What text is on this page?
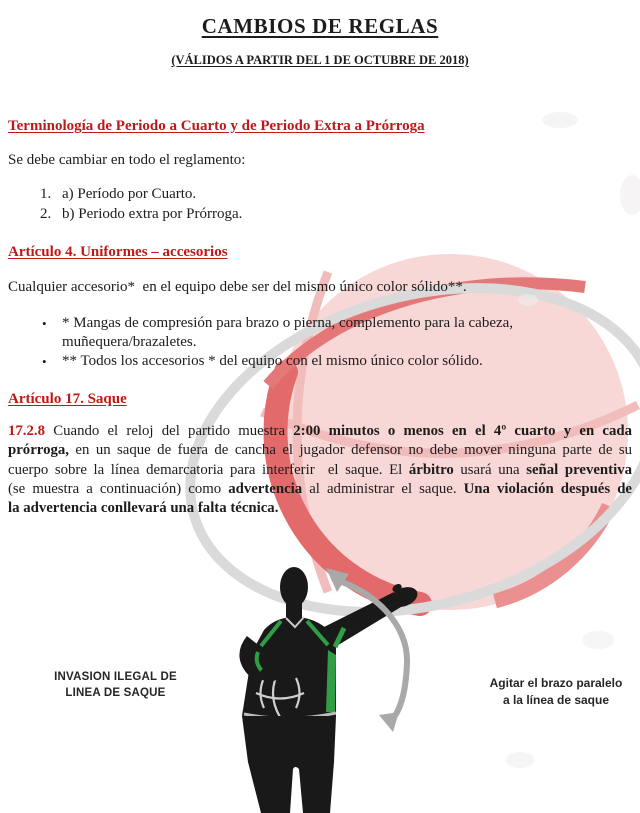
CAMBIOS DE REGLAS
(VÁLIDOS A PARTIR DEL 1 DE OCTUBRE DE 2018)
Terminología de Periodo a Cuarto y de Periodo Extra a Prórroga

Se debe cambiar en todo el reglamento:

1. a) Período por Cuarto.
2. b) Periodo extra por Prórroga.
Artículo 4. Uniformes – accesorios

Cualquier accesorio*  en el equipo debe ser del mismo único color sólido**.

•	* Mangas de compresión para brazo o pierna, complemento para la cabeza,
muñequera/brazaletes.
•	** Todos los accesorios * del equipo con el mismo único color sólido.
Artículo 17. Saque
17.2.8 Cuando el reloj del partido muestra 2:00 minutos o menos en el 4º cuarto y en cada
prórroga, en un saque de fuera de cancha el jugador defensor no debe mover ninguna parte de su
cuerpo sobre la línea demarcatoria para interferir  el saque. El árbitro usará una señal preventiva
(se muestra a continuación) como advertencia al administrar el saque. Una violación después de
la advertencia conllevará una falta técnica.
INVASION ILEGAL DE
LINEA DE SAQUE
Agitar el brazo paralelo
a la línea de saque
